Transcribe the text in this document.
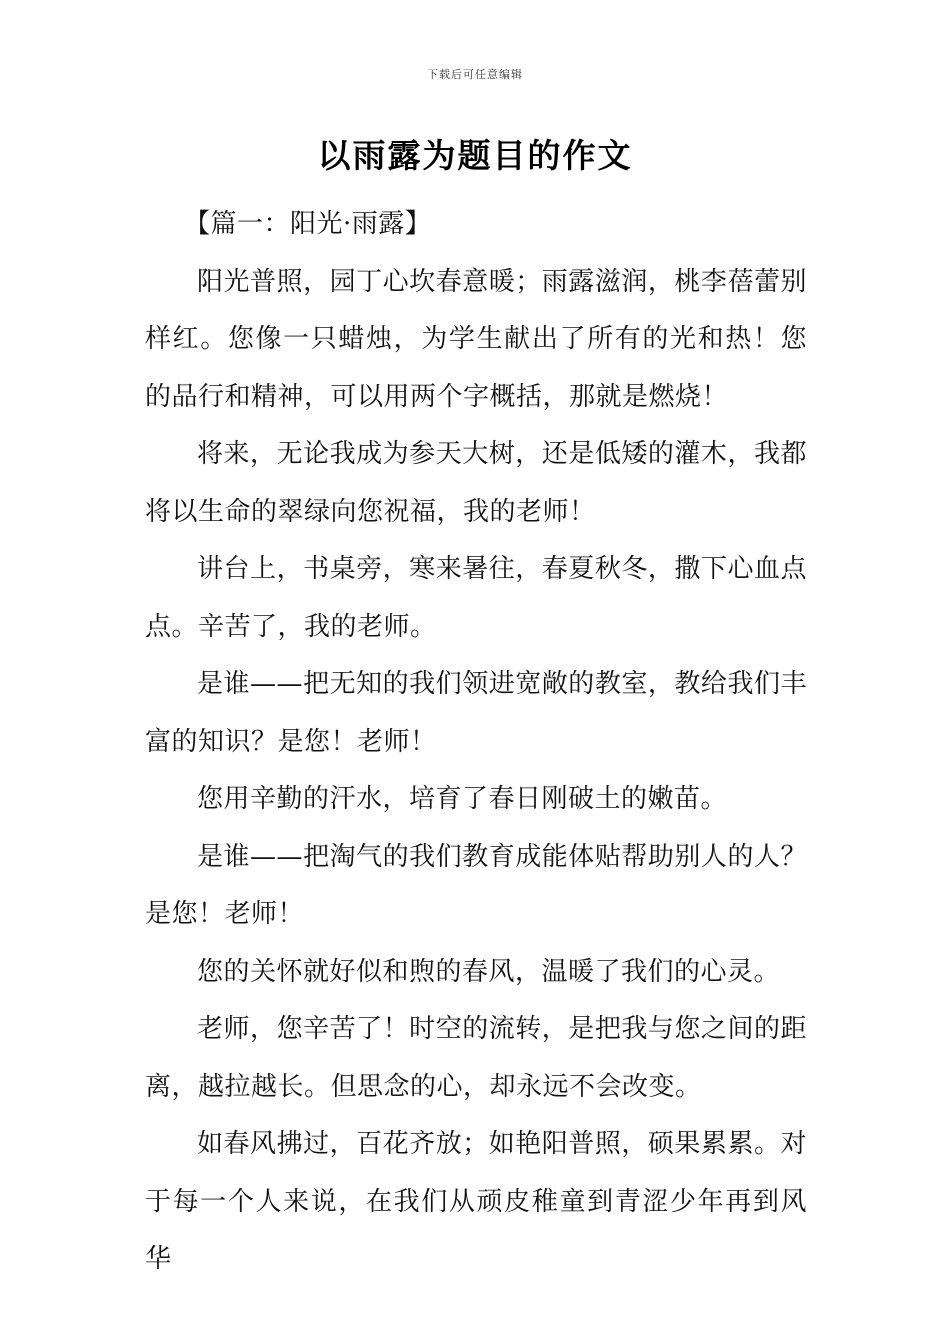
下载后可任意编辑
以雨露为题目的作文

【篇一：阳光·雨露】

阳光普照，园丁心坎春意暖；雨露滋润，桃李蓓蕾别样红。您像一只蜡烛，为学生献出了所有的光和热！您的品行和精神，可以用两个字概括，那就是燃烧！

将来，无论我成为参天大树，还是低矮的灌木，我都将以生命的翠绿向您祝福，我的老师！

讲台上，书桌旁，寒来暑往，春夏秋冬，撒下心血点点。辛苦了，我的老师。

是谁——把无知的我们领进宽敞的教室，教给我们丰富的知识？是您！老师！

您用辛勤的汗水，培育了春日刚破土的嫩苗。

是谁——把淘气的我们教育成能体贴帮助别人的人？是您！老师！

您的关怀就好似和煦的春风，温暖了我们的心灵。

老师，您辛苦了！时空的流转，是把我与您之间的距离，越拉越长。但思念的心，却永远不会改变。

如春风拂过，百花齐放；如艳阳普照，硕果累累。对于每一个人来说，在我们从顽皮稚童到青涩少年再到风华
